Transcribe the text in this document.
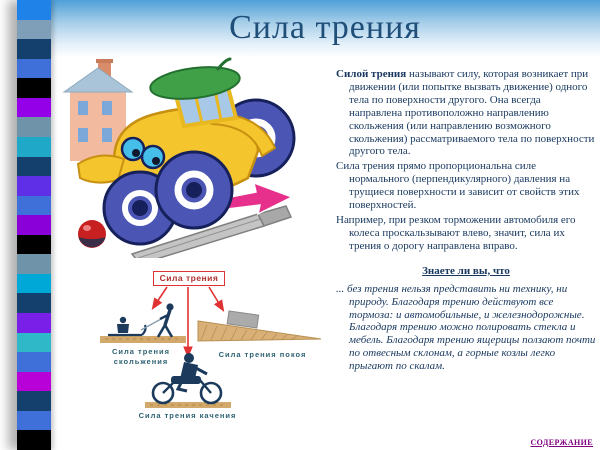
Сила трения
Сила трения
Сила трения скольжения
Сила трения покоя
Сила трения качения

Силой трения называют силу, которая возникает при движении (или попытке вызвать движение) одного тела по поверхности другого. Она всегда направлена противоположно направлению скольжения (или направлению возможного скольжения) рассматриваемого тела по поверхности другого тела.

Сила трения прямо пропорциональна силе нормального (перпендикулярного) давления на трущиеся поверхности и зависит от свойств этих поверхностей.

Например, при резком торможении автомобиля его колеса проскальзывают влево, значит, сила их трения о дорогу направлена вправо.

Знаете ли вы, что

... без трения нельзя представить ни технику, ни природу. Благодаря трению действуют все тормоза: и автомобильные, и железнодорожные. Благодаря трению можно полировать стекла и мебель. Благодаря трению ящерицы ползают почти по отвесным склонам, а горные козлы легко прыгают по скалам.

СОДЕРЖАНИЕ
